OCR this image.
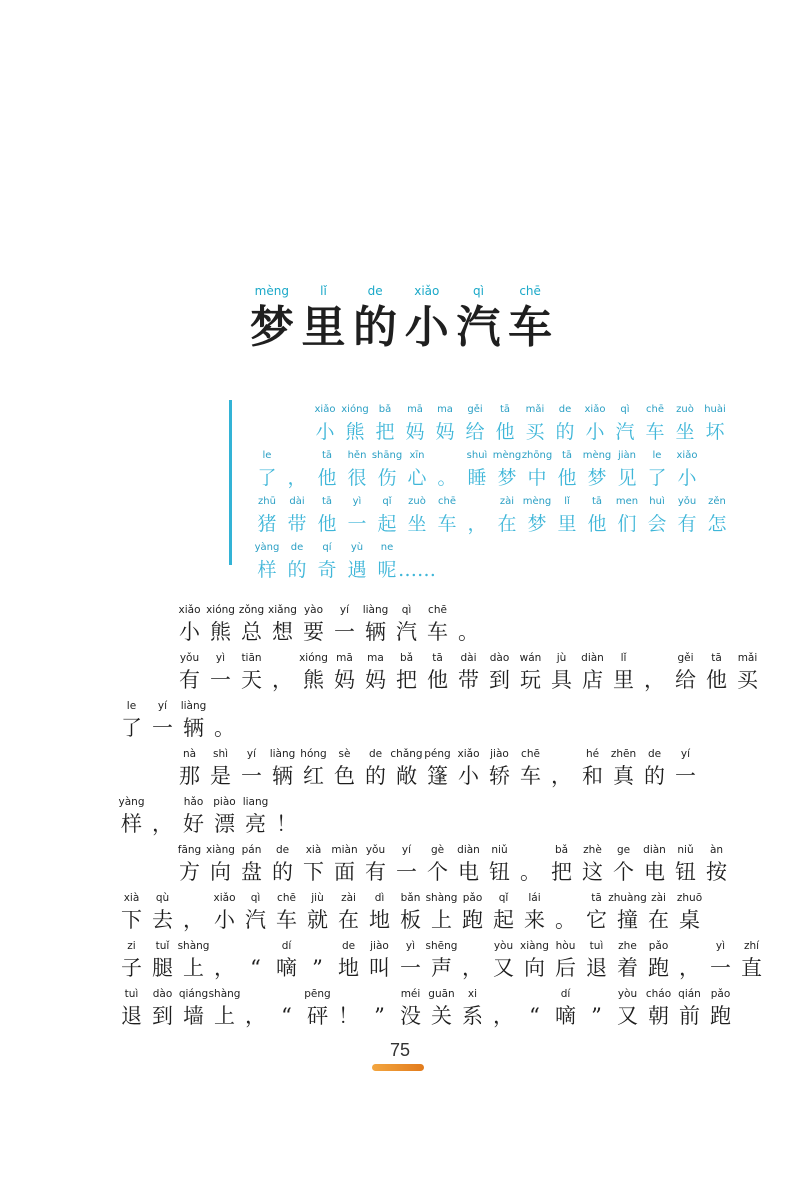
mèng	lǐ	de	xiǎo	qì	chē
梦 里 的 小 汽 车
xiǎo
小
xióng
熊
bǎ
把
mā
妈
ma
妈
gěi
给
tā
他
mǎi
买
de
的
xiǎo
小
qì
汽
chē
车
zuò
坐
huài
坏
le
了 ，
tā
他
hěn
很
shāng
伤
xīn
心 。
shuì
睡
mèng
梦
zhōng
中
tā
他
mèng
梦
jiàn
见
le
了
xiǎo
小
zhū
猪
dài
带
tā
他
yì
一
qǐ
起
zuò
坐
chē
车 ，
zài
在
mèng
梦
lǐ
里
tā
他
men
们
huì
会
yǒu
有
zěn
怎
yàng
样
de
的
qí
奇
yù
遇
ne
呢 ……
xiǎo
小
xióng
熊
zǒng
总
xiǎng
想
yào
要
yí
一
liàng
辆
qì
汽
chē
车 。
yǒu
有
yì
一
tiān
天 ，
xióng
熊
mā
妈
ma
妈
bǎ
把
tā
他
dài
带
dào
到
wán
玩
jù
具
diàn
店
lǐ
里 ，
gěi
给
tā
他
mǎi
买
le
了
yí
一
liàng
辆 。
nà
那
shì
是
yí
一
liàng
辆
hóng
红
sè
色
de
的
chǎng
敞
péng
篷
xiǎo
小
jiào
轿
chē
车 ，
hé
和
zhēn
真
de
的
yí
一
yàng
样 ，
hǎo
好
piào
漂
liang
亮 ！
fāng
方
xiàng
向
pán
盘
de
的
xià
下
miàn
面
yǒu
有
yí
一
gè
个
diàn
电
niǔ
钮 。
bǎ
把
zhè
这
ge
个
diàn
电
niǔ
钮
àn
按
xià
下
qù
去 ，
xiǎo
小
qì
汽
chē
车
jiù
就
zài
在
dì
地
bǎn
板
shàng
上
pǎo
跑
qǐ
起
lái
来 。
tā
它
zhuàng
撞
zài
在
zhuō
桌
zi
子
tuǐ
腿
shàng
上 ， “
dí
嘀 ”
de
地
jiào
叫
yì
一
shēng
声 ，
yòu
又
xiàng
向
hòu
后
tuì
退
zhe
着
pǎo
跑 ，
yì
一
zhí
直
tuì
退
dào
到
qiáng
墙
shàng
上 ， “
pēng
砰 ！ ”
méi
没
guān
关
xi
系 ， “
dí
嘀 ”
yòu
又
cháo
朝
qián
前
pǎo
跑
75
